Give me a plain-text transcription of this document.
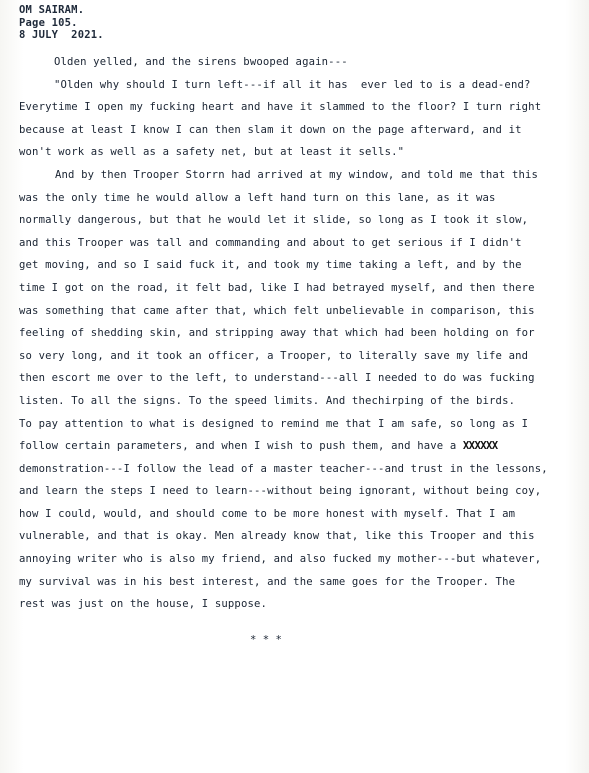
OM SAIRAM.
Page 105.
8 JULY  2021.
Olden yelled, and the sirens bwooped again---
"Olden why should I turn left---if all it has  ever led to is a dead-end?
Everytime I open my fucking heart and have it slammed to the floor? I turn right
because at least I know I can then slam it down on the page afterward, and it
won't work as well as a safety net, but at least it sells."
And by then Trooper Storrn had arrived at my window, and told me that this
was the only time he would allow a left hand turn on this lane, as it was
normally dangerous, but that he would let it slide, so long as I took it slow,
and this Trooper was tall and commanding and about to get serious if I didn't
get moving, and so I said fuck it, and took my time taking a left, and by the
time I got on the road, it felt bad, like I had betrayed myself, and then there
was something that came after that, which felt unbelievable in comparison, this
feeling of shedding skin, and stripping away that which had been holding on for
so very long, and it took an officer, a Trooper, to literally save my life and
then escort me over to the left, to understand---all I needed to do was fucking
listen. To all the signs. To the speed limits. And thechirping of the birds.
To pay attention to what is designed to remind me that I am safe, so long as I
follow certain parameters, and when I wish to push them, and have a XXXXXX
demonstration---I follow the lead of a master teacher---and trust in the lessons,
and learn the steps I need to learn---without being ignorant, without being coy,
how I could, would, and should come to be more honest with myself. That I am
vulnerable, and that is okay. Men already know that, like this Trooper and this
annoying writer who is also my friend, and also fucked my mother---but whatever,
my survival was in his best interest, and the same goes for the Trooper. The
rest was just on the house, I suppose.
* * *
